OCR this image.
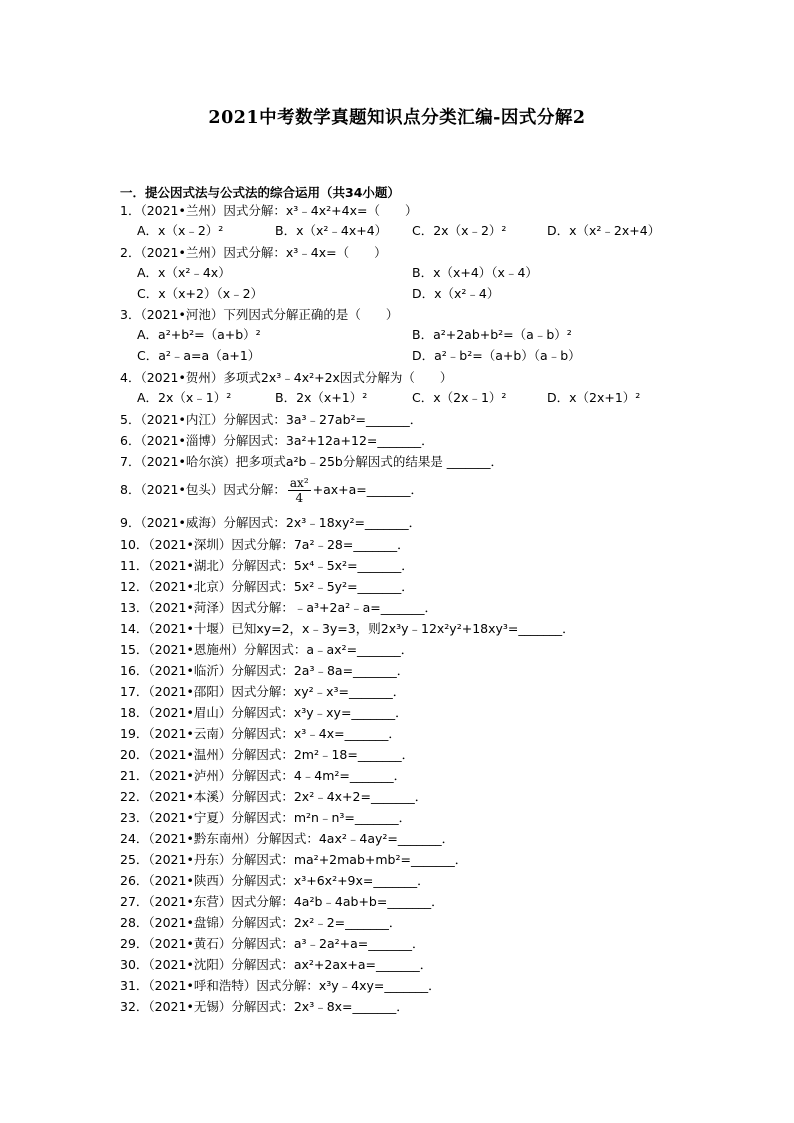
2021中考数学真题知识点分类汇编-因式分解2
一．提公因式法与公式法的综合运用（共34小题）
1．（2021•兰州）因式分解：x³﹣4x²+4x=（　　）
A．x（x﹣2）²	B．x（x²﹣4x+4） C．2x（x﹣2）²	D．x（x²﹣2x+4）
2．（2021•兰州）因式分解：x³﹣4x=（　　）
A．x（x²﹣4x）	B．x（x+4）（x﹣4）
C．x（x+2）（x﹣2）	D．x（x²﹣4）
3．（2021•河池）下列因式分解正确的是（　　）
A．a²+b²=（a+b）²	B．a²+2ab+b²=（a﹣b）²
C．a²﹣a=a（a+1）	D．a²﹣b²=（a+b）（a﹣b）
4．（2021•贺州）多项式2x³﹣4x²+2x因式分解为（　　）
A．2x（x﹣1）²	B．2x（x+1）²	C．x（2x﹣1）²	D．x（2x+1）²
5．（2021•内江）分解因式：3a³﹣27ab²=_______．
6．（2021•淄博）分解因式：3a²+12a+12=_______．
7．（2021•哈尔滨）把多项式a²b﹣25b分解因式的结果是 _______．
8．（2021•包头）因式分解： $\frac{\text{ax²}}{4}$ +ax+a=_______．
9．（2021•威海）分解因式：2x³﹣18xy²=_______．
10．（2021•深圳）因式分解：7a²﹣28=_______．
11．（2021•湖北）分解因式：5x⁴﹣5x²=_______．
12．（2021•北京）分解因式：5x²﹣5y²=_______．
13．（2021•菏泽）因式分解：﹣a³+2a²﹣a=_______．
14．（2021•十堰）已知xy=2，x﹣3y=3，则2x³y﹣12x²y²+18xy³=_______．
15．（2021•恩施州）分解因式：a﹣ax²=_______．
16．（2021•临沂）分解因式：2a³﹣8a=_______．
17．（2021•邵阳）因式分解：xy²﹣x³=_______．
18．（2021•眉山）分解因式：x³y﹣xy=_______．
19．（2021•云南）分解因式：x³﹣4x=_______．
20．（2021•温州）分解因式：2m²﹣18=_______．
21．（2021•泸州）分解因式：4﹣4m²=_______．
22．（2021•本溪）分解因式：2x²﹣4x+2=_______．
23．（2021•宁夏）分解因式：m²n﹣n³=_______．
24．（2021•黔东南州）分解因式：4ax²﹣4ay²=_______．
25．（2021•丹东）分解因式：ma²+2mab+mb²=_______．
26．（2021•陕西）分解因式：x³+6x²+9x=_______．
27．（2021•东营）因式分解：4a²b﹣4ab+b=_______．
28．（2021•盘锦）分解因式：2x²﹣2=_______．
29．（2021•黄石）分解因式：a³﹣2a²+a=_______．
30．（2021•沈阳）分解因式：ax²+2ax+a=_______．
31．（2021•呼和浩特）因式分解：x³y﹣4xy=_______．
32．（2021•无锡）分解因式：2x³﹣8x=_______．
